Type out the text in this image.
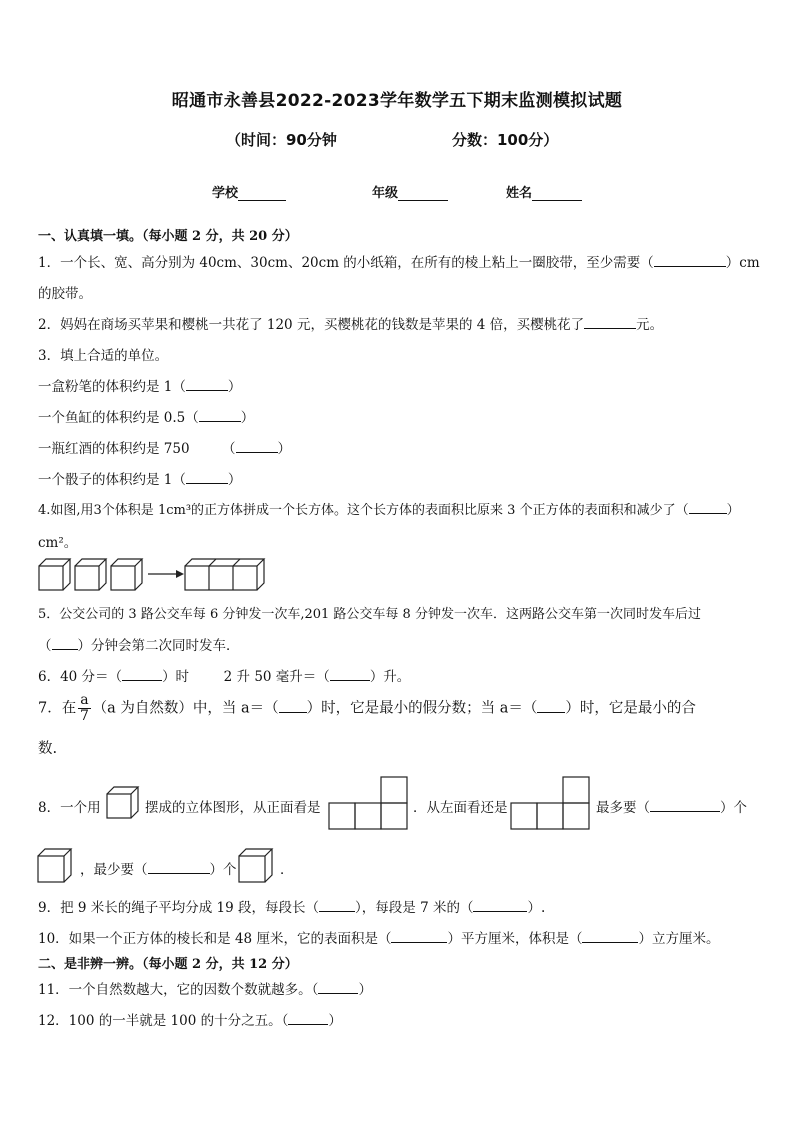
昭通市永善县2022-2023学年数学五下期末监测模拟试题
（时间：90分钟	分数：100分）
学校	年级	姓名
一、认真填一填。（每小题 2 分，共 20 分）
1．一个长、宽、高分别为 40cm、30cm、20cm 的小纸箱，在所有的棱上粘上一圈胶带，至少需要（	）cm
的胶带。
2．妈妈在商场买苹果和樱桃一共花了 120 元，买樱桃花的钱数是苹果的 4 倍，买樱桃花了	元。
3．填上合适的单位。
一盒粉笔的体积约是 1（	）
一个鱼缸的体积约是 0.5（	）
一瓶红酒的体积约是 750 （	）
一个骰子的体积约是 1（	）
4.如图,用3个体积是 1cm³的正方体拼成一个长方体。这个长方体的表面积比原来 3 个正方体的表面积和减少了（	）
cm²。
5．公交公司的 3 路公交车每 6 分钟发一次车,201 路公交车每 8 分钟发一次车．这两路公交车第一次同时发车后过
（ ）分钟会第二次同时发车．
6．40 分＝（	）时	2 升 50 毫升＝（	）升。
7．在 $\frac{a}{7} (a$ 为自然数）中，当 a＝（ ）时，它是最小的假分数；当 a＝（ ）时，它是最小的合
数.
8．一个用	摆成的立体图形，从正面看是	．从左面看还是	最多要（	）个
，最少要（	）个	．
9．把 9 米长的绳子平均分成 19 段，每段长（	），每段是 7 米的（	）.
10．如果一个正方体的棱长和是 48 厘米，它的表面积是（	）平方厘米，体积是（	）立方厘米。
二、是非辨一辨。（每小题 2 分，共 12 分）
11．一个自然数越大，它的因数个数就越多。（	）
12．100 的一半就是 100 的十分之五。（	）
